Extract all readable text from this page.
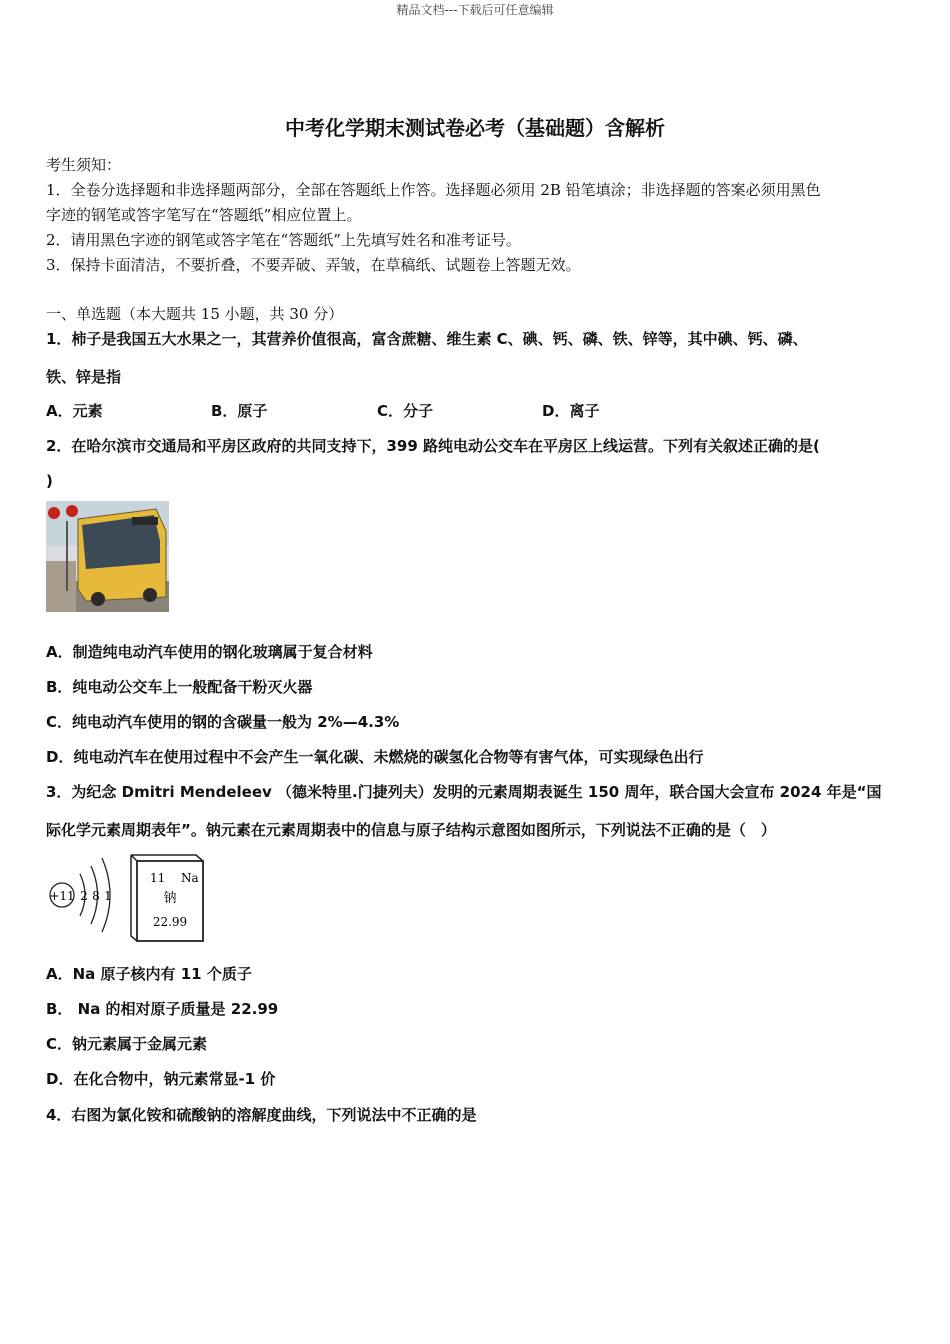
精品文档---下载后可任意编辑
中考化学期末测试卷必考（基础题）含解析
考生须知：
1．全卷分选择题和非选择题两部分，全部在答题纸上作答。选择题必须用 2B 铅笔填涂；非选择题的答案必须用黑色
字迹的钢笔或答字笔写在“答题纸”相应位置上。
2．请用黑色字迹的钢笔或答字笔在“答题纸”上先填写姓名和准考证号。
3．保持卡面清洁，不要折叠，不要弄破、弄皱，在草稿纸、试题卷上答题无效。
一、单选题（本大题共 15 小题，共 30 分）
1．柿子是我国五大水果之一，其营养价值很高，富含蔗糖、维生素 C、碘、钙、磷、铁、锌等，其中碘、钙、磷、
铁、锌是指
A．元素	B．原子	C．分子	D．离子
2．在哈尔滨市交通局和平房区政府的共同支持下，399 路纯电动公交车在平房区上线运营。下列有关叙述正确的是(
)
A．制造纯电动汽车使用的钢化玻璃属于复合材料
B．纯电动公交车上一般配备干粉灭火器
C．纯电动汽车使用的钢的含碳量一般为 2%—4.3%
D．纯电动汽车在使用过程中不会产生一氧化碳、未燃烧的碳氢化合物等有害气体，可实现绿色出行
3．为纪念 Dmitri Mendeleev （德米特里.门捷列夫）发明的元素周期表诞生 150 周年，联合国大会宣布 2024 年是“国
际化学元素周期表年”。钠元素在元素周期表中的信息与原子结构示意图如图所示，下列说法不正确的是（　）
+11 2 8 1
11 Na
钠
22.99
A．Na 原子核内有 11 个质子
B． Na 的相对原子质量是 22.99
C．钠元素属于金属元素
D．在化合物中，钠元素常显-1 价
4．右图为氯化铵和硫酸钠的溶解度曲线，下列说法中不正确的是
